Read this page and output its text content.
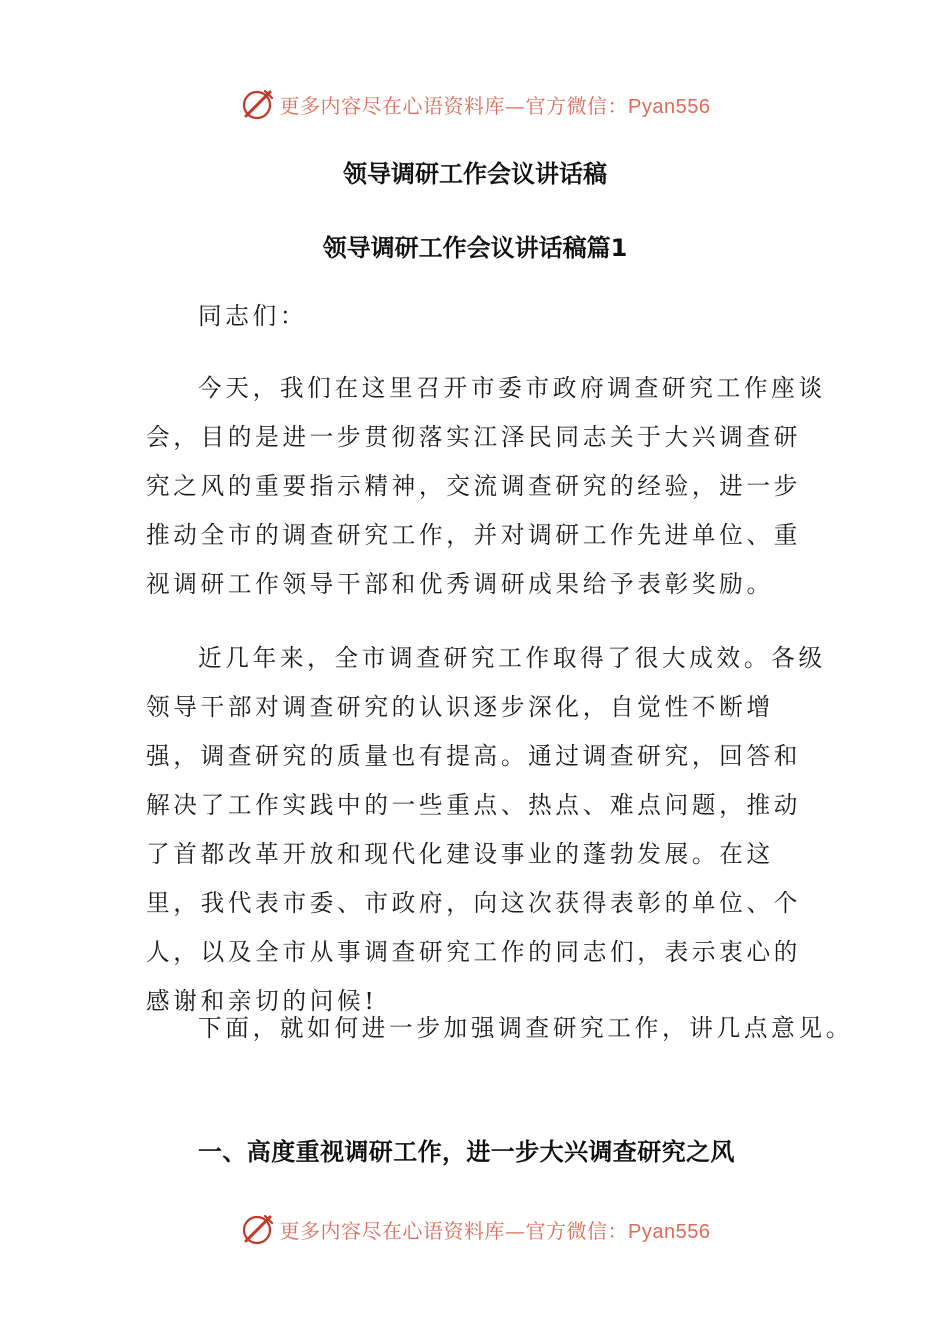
更多内容尽在心语资料库—官方微信：Pyan556
领导调研工作会议讲话稿
领导调研工作会议讲话稿篇1

同志们：

今天，我们在这里召开市委市政府调查研究工作座谈会，目的是进一步贯彻落实江泽民同志关于大兴调查研究之风的重要指示精神，交流调查研究的经验，进一步推动全市的调查研究工作，并对调研工作先进单位、重视调研工作领导干部和优秀调研成果给予表彰奖励。

近几年来，全市调查研究工作取得了很大成效。各级领导干部对调查研究的认识逐步深化，自觉性不断增强，调查研究的质量也有提高。通过调查研究，回答和解决了工作实践中的一些重点、热点、难点问题，推动了首都改革开放和现代化建设事业的蓬勃发展。在这里，我代表市委、市政府，向这次获得表彰的单位、个人，以及全市从事调查研究工作的同志们，表示衷心的感谢和亲切的问候!

下面，就如何进一步加强调查研究工作，讲几点意见。

一、高度重视调研工作，进一步大兴调查研究之风
更多内容尽在心语资料库—官方微信：Pyan556
